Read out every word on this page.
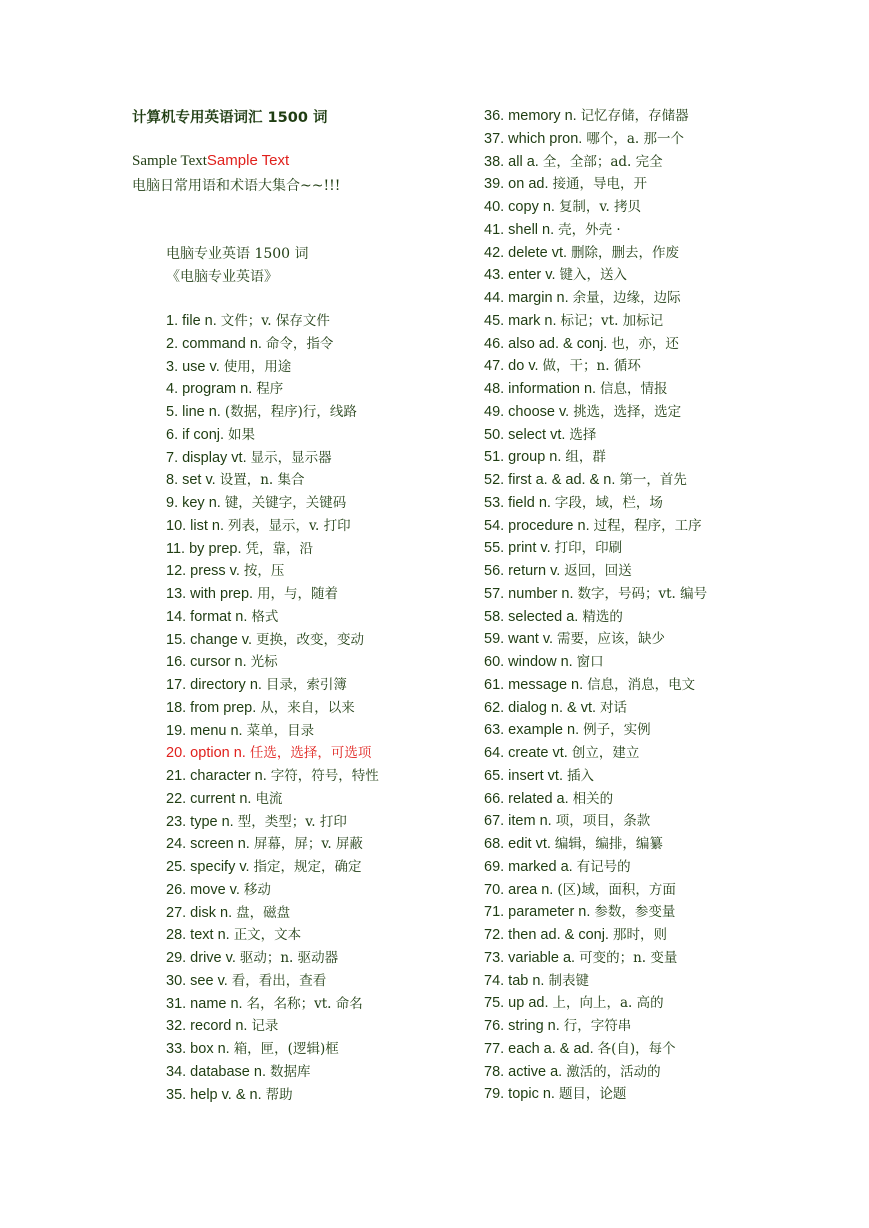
计算机专用英语词汇 1500 词
Sample TextSample Text
电脑日常用语和术语大集合~~!!!
电脑专业英语 1500 词
《电脑专业英语》
1. file n. 文件；v. 保存文件
2. command n. 命令，指令
3. use v. 使用，用途
4. program n. 程序
5. line n. (数据，程序)行，线路
6. if conj. 如果
7. display vt. 显示，显示器
8. set v. 设置，n. 集合
9. key n. 键，关键字，关键码
10. list n. 列表，显示，v. 打印
11. by prep. 凭，靠，沿
12. press v. 按，压
13. with prep. 用，与，随着
14. format n. 格式
15. change v. 更换，改变，变动
16. cursor n. 光标
17. directory n. 目录，索引簿
18. from prep. 从，来自，以来
19. menu n. 菜单，目录
20. option n. 任选，选择，可选项
21. character n. 字符，符号，特性
22. current n. 电流
23. type n. 型，类型；v. 打印
24. screen n. 屏幕，屏；v. 屏蔽
25. specify v. 指定，规定，确定
26. move v. 移动
27. disk n. 盘，磁盘
28. text n. 正文，文本
29. drive v. 驱动；n. 驱动器
30. see v. 看，看出，查看
31. name n. 名，名称；vt. 命名
32. record n. 记录
33. box n. 箱，匣，(逻辑)框
34. database n. 数据库
35. help v. & n. 帮助
36. memory n. 记忆存储，存储器
37. which pron. 哪个，a. 那一个
38. all a. 全，全部；ad. 完全
39. on ad. 接通，导电，开
40. copy n. 复制，v. 拷贝
41. shell n. 壳，外壳 ·
42. delete vt. 删除，删去，作废
43. enter v. 键入，送入
44. margin n. 余量，边缘，边际
45. mark n. 标记；vt. 加标记
46. also ad. & conj. 也，亦，还
47. do v. 做，干；n. 循环
48. information n. 信息，情报
49. choose v. 挑选，选择，选定
50. select vt. 选择
51. group n. 组，群
52. first a. & ad. & n. 第一，首先
53. field n. 字段，域，栏，场
54. procedure n. 过程，程序，工序
55. print v. 打印，印刷
56. return v. 返回，回送
57. number n. 数字，号码；vt. 编号
58. selected a. 精选的
59. want v. 需要，应该，缺少
60. window n. 窗口
61. message n. 信息，消息，电文
62. dialog n. & vt. 对话
63. example n. 例子，实例
64. create vt. 创立，建立
65. insert vt. 插入
66. related a. 相关的
67. item n. 项，项目，条款
68. edit vt. 编辑，编排，编纂
69. marked a. 有记号的
70. area n. (区)域，面积，方面
71. parameter n. 参数，参变量
72. then ad. & conj. 那时，则
73. variable a. 可变的；n. 变量
74. tab n. 制表键
75. up ad. 上，向上，a. 高的
76. string n. 行，字符串
77. each a. & ad. 各(自)，每个
78. active a. 激活的，活动的
79. topic n. 题目，论题
